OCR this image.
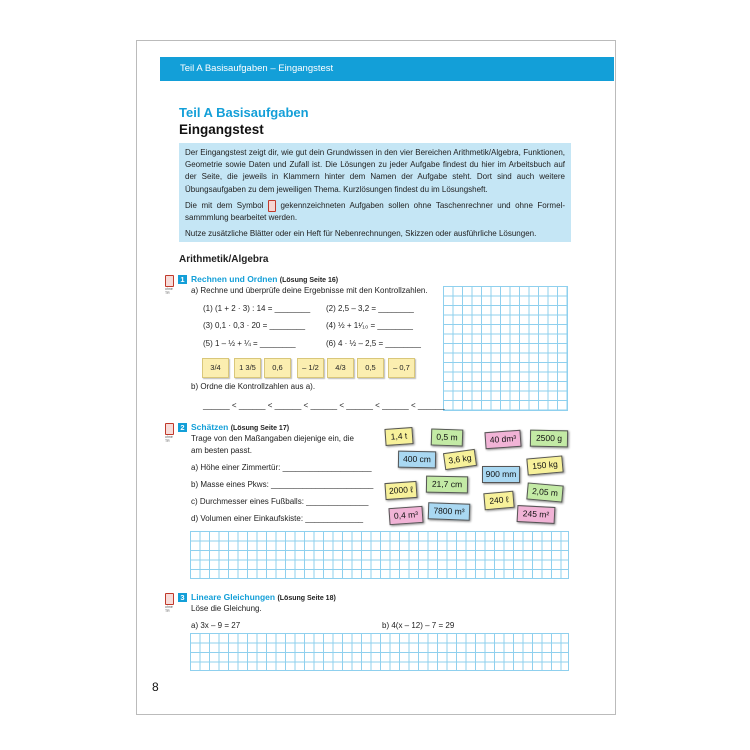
Teil A Basisaufgaben – Eingangstest
Teil A Basisaufgaben
Eingangstest

Der Eingangstest zeigt dir, wie gut dein Grundwissen in den vier Bereichen Arithmetik/Algebra, Funktionen, Geometrie sowie Daten und Zufall ist. Die Lösungen zu jeder Aufgabe findest du hier im Arbeitsbuch auf der Seite, die jeweils in Klammern hinter dem Namen der Aufgabe steht. Dort sind auch weitere Übungsaufgaben zu dem jeweiligen Thema. Kurzlösungen findest du im Lösungsheft.

Die mit dem Symbol gekennzeichneten Aufgaben sollen ohne Taschenrechner und ohne Formelsammmlung bearbeitet werden.

Nutze zusätzliche Blätter oder ein Heft für Nebenrechnungen, Skizzen oder ausführliche Lösungen.

Arithmetik/Algebra
ohne TR
1 Rechnen und Ordnen (Lösung Seite 16)
a) Rechne und überprüfe deine Ergebnisse mit den Kontrollzahlen.
(1) (1 + 2 · 3) : 14 = ________ (2) 2,5 – 3,2 = ________
(3) 0,1 · 0,3 · 20 = ________	(4) ½ + 1¹⁄₁₀ = ________
(5) 1 – ½ + ¼ = ________	(6) 4 · ½ – 2,5 = ________
3/4	1 3/5	0,6	– 1/2	4/3	0,5	– 0,7
b) Ordne die Kontrollzahlen aus a).
______ < ______ < ______ < ______ < ______ < ______ < ______
ohne TR
2 Schätzen (Lösung Seite 17)
Trage von den Maßangaben diejenige ein, die
am besten passt.
a) Höhe einer Zimmertür: ____________________
b) Masse eines Pkws: _______________________
c) Durchmesser eines Fußballs: ______________
d) Volumen einer Einkaufskiste: _____________
1,4 t	0,5 m	40 dm³	2500 g
400 cm	3,6 kg
900 mm
150 kg
2000 ℓ
21,7 cm
240 ℓ
2,05 m
0,4 m³	7800 m³	245 m²
ohne TR
3 Lineare Gleichungen (Lösung Seite 18)
Löse die Gleichung.
a) 3x – 9 = 27	b) 4(x – 12) – 7 = 29
8
